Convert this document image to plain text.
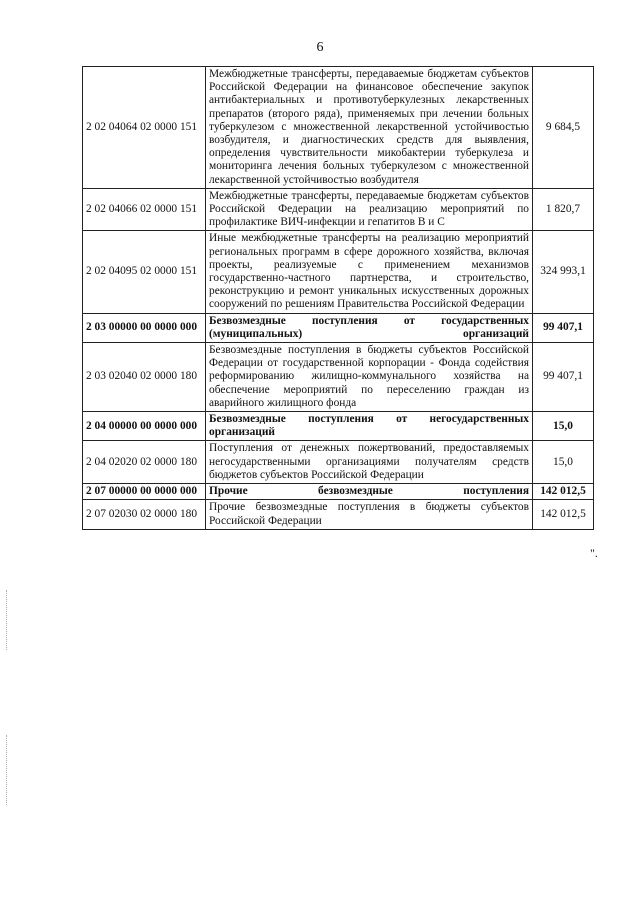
6
2 02 04064 02 0000 151	Межбюджетные трансферты, передаваемые бюджетам субъектов Российской Федерации на финансовое обеспечение закупок антибактериальных и противотуберкулезных лекарственных препаратов (второго ряда), применяемых при лечении больных туберкулезом с множественной лекарственной устойчивостью возбудителя, и диагностических средств для выявления, определения чувствительности микобактерии туберкулеза и мониторинга лечения больных туберкулезом с множественной лекарственной устойчивостью возбудителя	9 684,5
2 02 04066 02 0000 151	Межбюджетные трансферты, передаваемые бюджетам субъектов Российской Федерации на реализацию мероприятий по профилактике ВИЧ-инфекции и гепатитов В и С	1 820,7
2 02 04095 02 0000 151	Иные межбюджетные трансферты на реализацию мероприятий региональных программ в сфере дорожного хозяйства, включая проекты, реализуемые с применением механизмов государственно-частного партнерства, и строительство, реконструкцию и ремонт уникальных искусственных дорожных сооружений по решениям Правительства Российской Федерации	324 993,1
2 03 00000 00 0000 000	Безвозмездные поступления от государственных (муниципальных) организаций	99 407,1
2 03 02040 02 0000 180	Безвозмездные поступления в бюджеты субъектов Российской Федерации от государственной корпорации - Фонда содействия реформированию жилищно-коммунального хозяйства на обеспечение мероприятий по переселению граждан из аварийного жилищного фонда	99 407,1
2 04 00000 00 0000 000	Безвозмездные поступления от негосударственных организаций	15,0
2 04 02020 02 0000 180	Поступления от денежных пожертвований, предоставляемых негосударственными организациями получателям средств бюджетов субъектов Российской Федерации	15,0
2 07 00000 00 0000 000	Прочие безвозмездные поступления	142 012,5
2 07 02030 02 0000 180	Прочие безвозмездные поступления в бюджеты субъектов Российской Федерации	142 012,5
".
